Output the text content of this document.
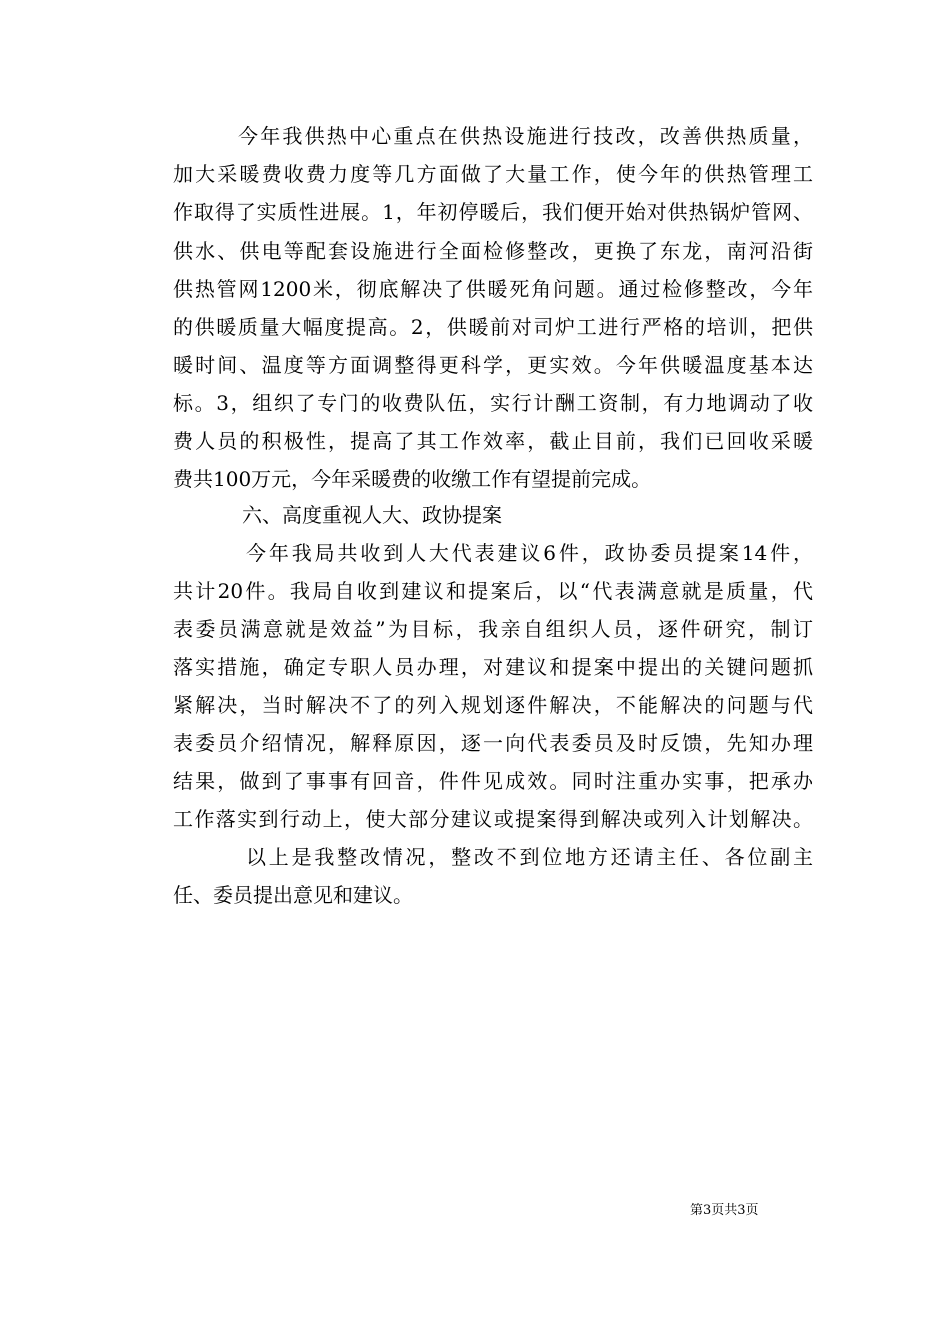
今年我供热中心重点在供热设施进行技改，改善供热质量，
加大采暖费收费力度等几方面做了大量工作，使今年的供热管理工
作取得了实质性进展。1，年初停暖后，我们便开始对供热锅炉管网、
供水、供电等配套设施进行全面检修整改，更换了东龙，南河沿街
供热管网1200米，彻底解决了供暖死角问题。通过检修整改，今年
的供暖质量大幅度提高。2，供暖前对司炉工进行严格的培训，把供
暖时间、温度等方面调整得更科学，更实效。今年供暖温度基本达
标。3，组织了专门的收费队伍，实行计酬工资制，有力地调动了收
费人员的积极性，提高了其工作效率，截止目前，我们已回收采暖
费共100万元，今年采暖费的收缴工作有望提前完成。
六、高度重视人大、政协提案
今年我局共收到人大代表建议6件，政协委员提案14件，
共计20件。我局自收到建议和提案后，以“代表满意就是质量，代
表委员满意就是效益”为目标，我亲自组织人员，逐件研究，制订
落实措施，确定专职人员办理，对建议和提案中提出的关键问题抓
紧解决，当时解决不了的列入规划逐件解决，不能解决的问题与代
表委员介绍情况，解释原因，逐一向代表委员及时反馈，先知办理
结果，做到了事事有回音，件件见成效。同时注重办实事，把承办
工作落实到行动上，使大部分建议或提案得到解决或列入计划解决。
以上是我整改情况，整改不到位地方还请主任、各位副主
任、委员提出意见和建议。
第3页共3页
